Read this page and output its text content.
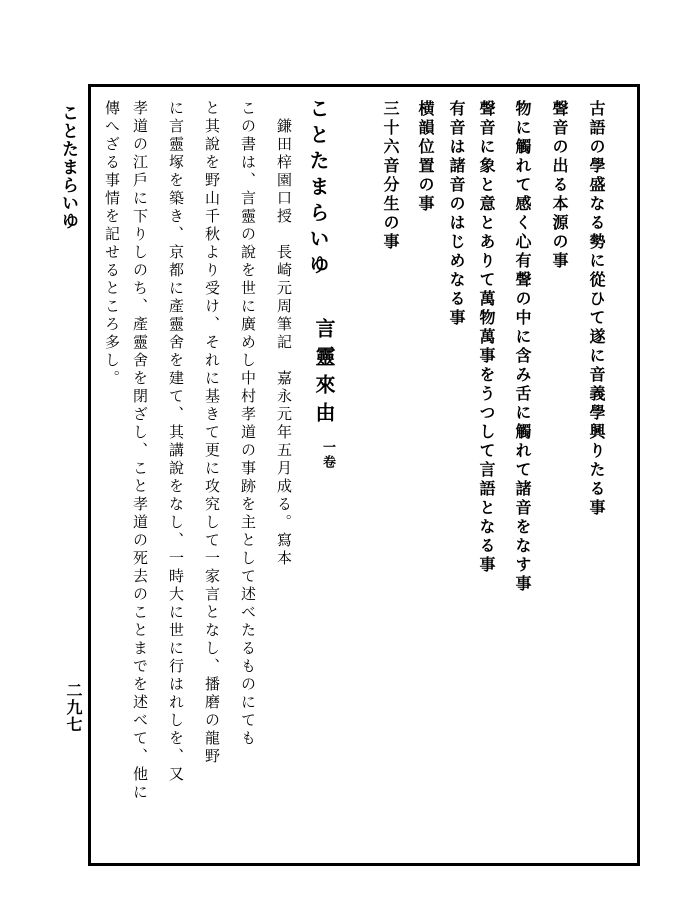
ことたまらいゆ
二九七
古語の學盛なる勢に從ひて遂に音義學興りたる事
聲音の出る本源の事
物に觸れて感く心有聲の中に含み舌に觸れて諸音をなす事
聲音に象と意とありて萬物萬事をうつして言語となる事
有音は諸音のはじめなる事
横韻位置の事
三十六音分生の事
ことたまらいゆ
言靈來由
一卷
鎌田梓園口授　長崎元周筆記　嘉永元年五月成る。寫本
この書は、言靈の說を世に廣めし中村孝道の事跡を主として述べたるものにても
と其說を野山千秋より受け、それに基きて更に攻究して一家言となし、播磨の龍野
に言靈塚を築き、京都に產靈舍を建て、其講說をなし、一時大に世に行はれしを、又
孝道の江戶に下りしのち、產靈舍を閉ざし、こと孝道の死去のことまでを述べて、他に
傳へざる事情を記せるところ多し。
